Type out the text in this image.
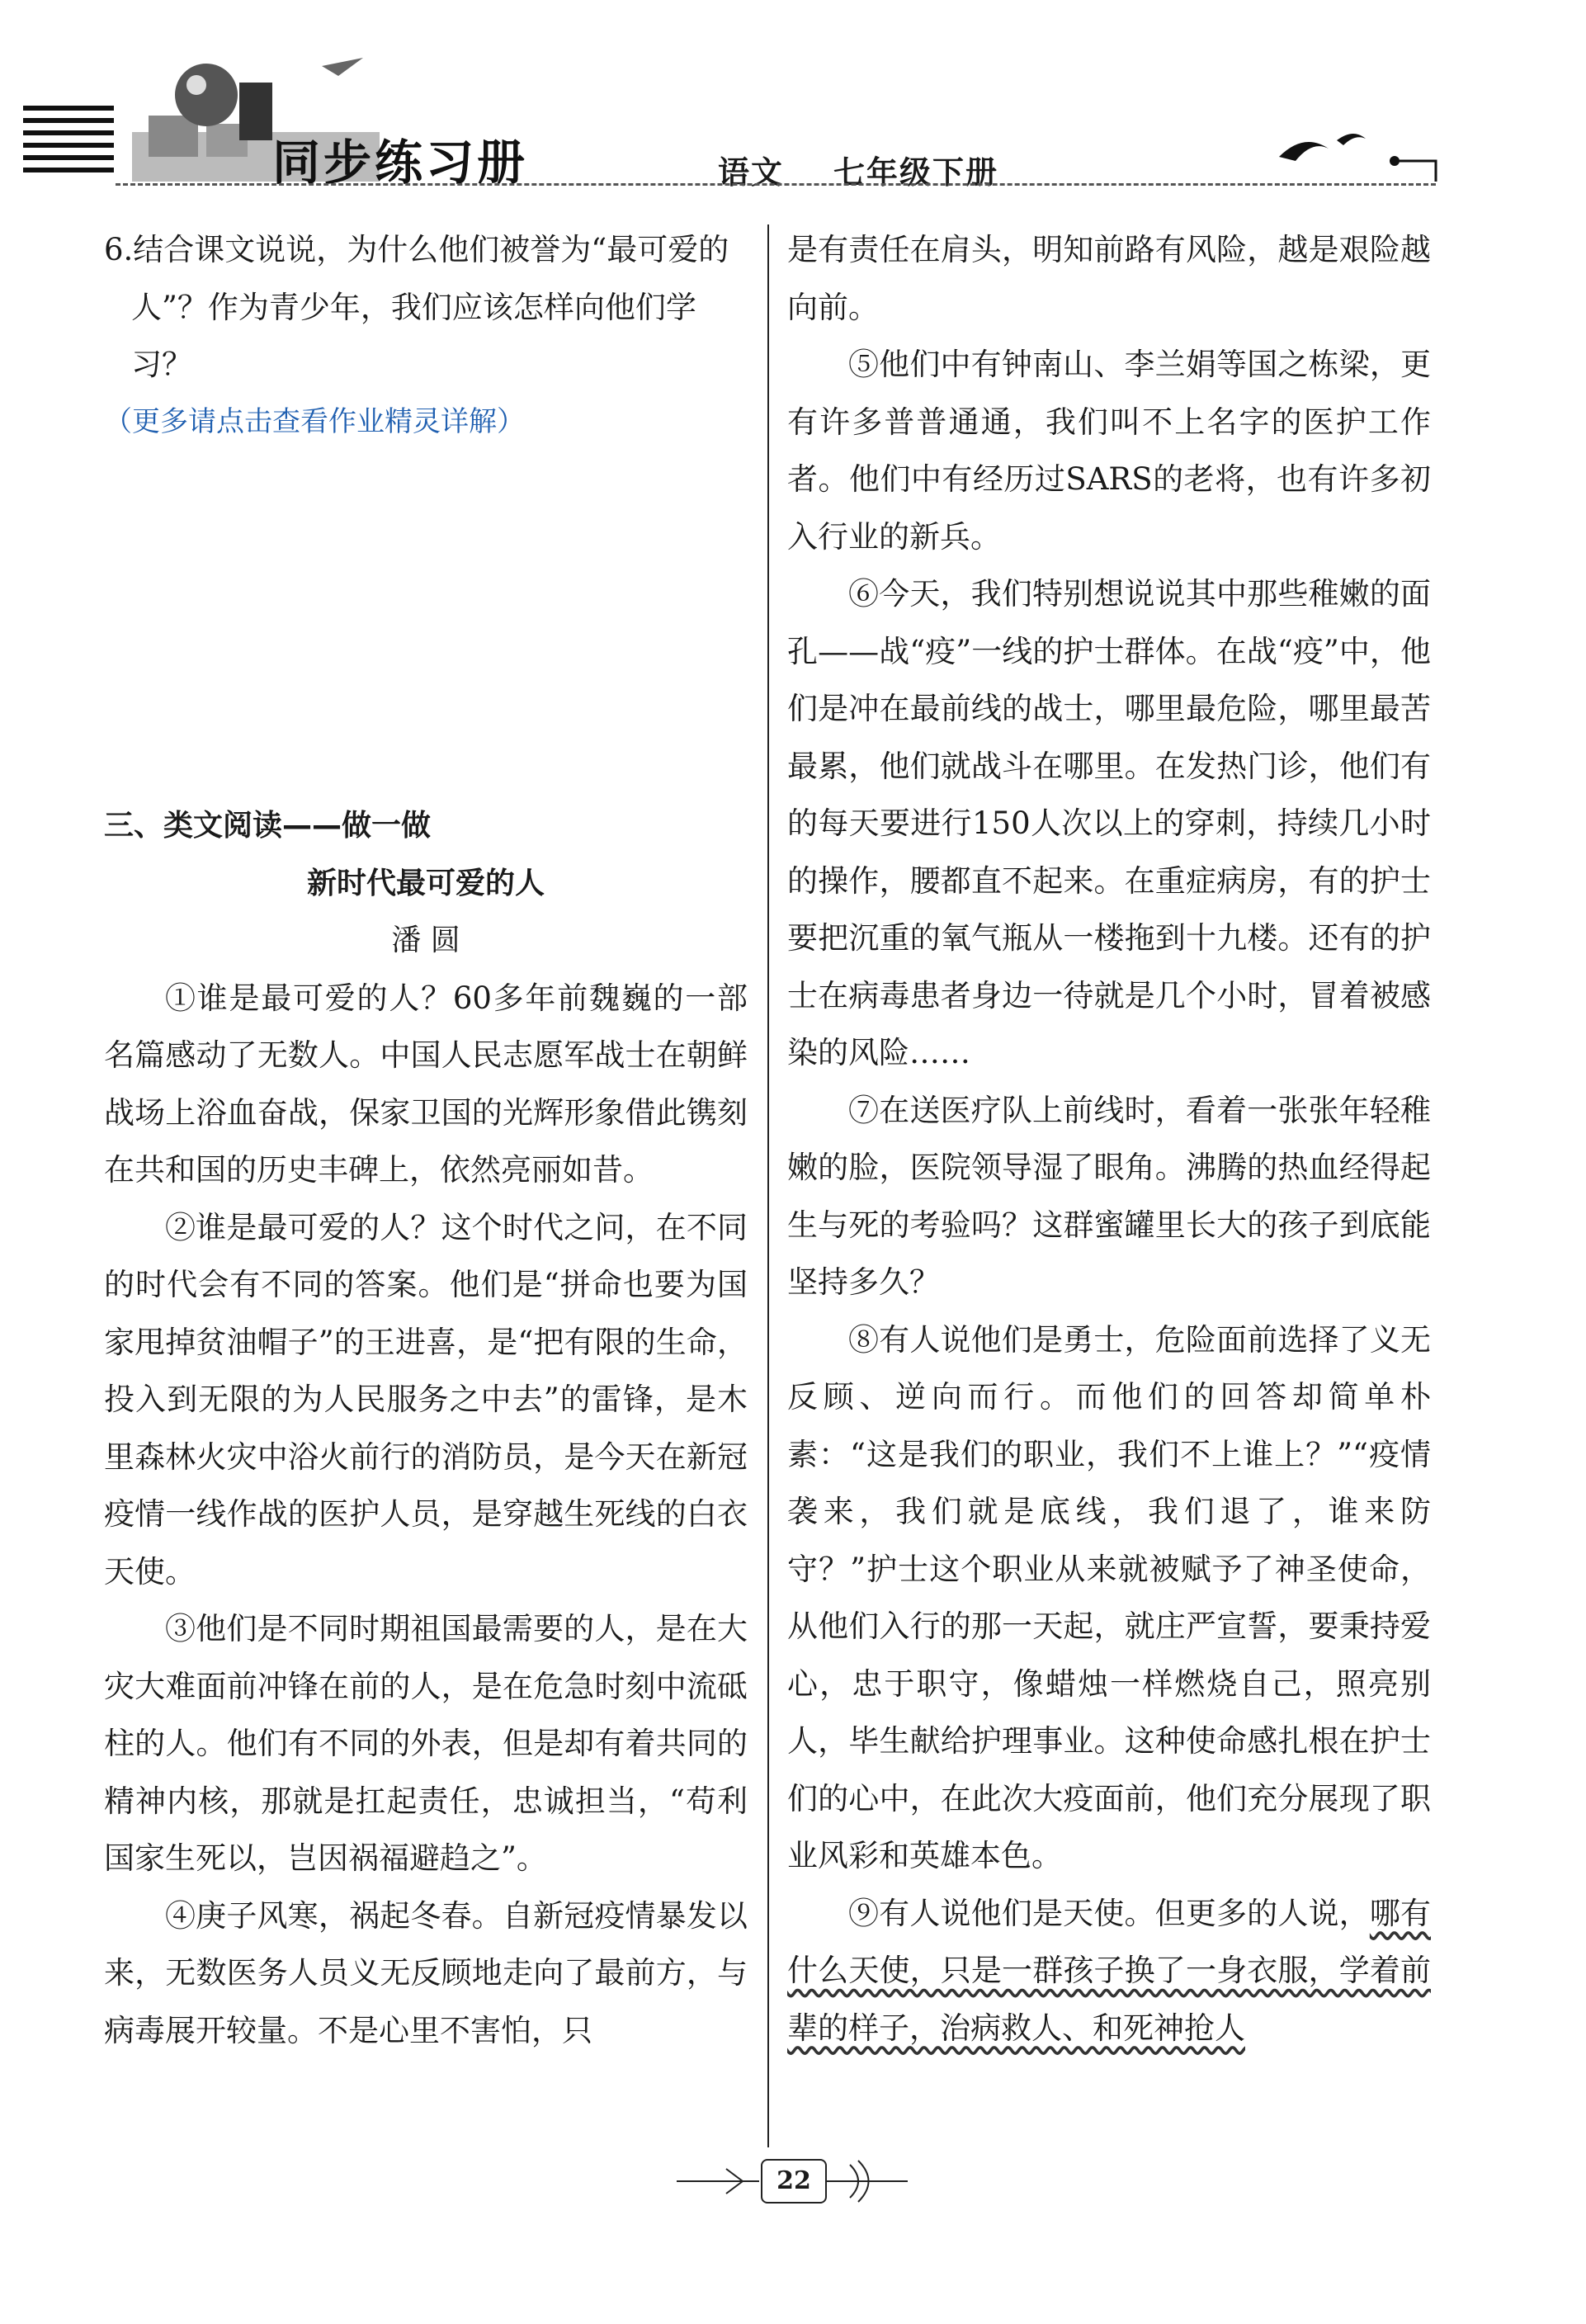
同步练习册	语文 七年级下册

6.结合课文说说，为什么他们被誉为“最可爱的人”？作为青少年，我们应该怎样向他们学习？

（更多请点击查看作业精灵详解）

三、类文阅读——做一做

新时代最可爱的人

潘 圆

①谁是最可爱的人？60多年前魏巍的一部名篇感动了无数人。中国人民志愿军战士在朝鲜战场上浴血奋战，保家卫国的光辉形象借此镌刻在共和国的历史丰碑上，依然亮丽如昔。

②谁是最可爱的人？这个时代之问，在不同的时代会有不同的答案。他们是“拼命也要为国家甩掉贫油帽子”的王进喜，是“把有限的生命，投入到无限的为人民服务之中去”的雷锋，是木里森林火灾中浴火前行的消防员，是今天在新冠疫情一线作战的医护人员，是穿越生死线的白衣天使。

③他们是不同时期祖国最需要的人，是在大灾大难面前冲锋在前的人，是在危急时刻中流砥柱的人。他们有不同的外表，但是却有着共同的精神内核，那就是扛起责任，忠诚担当，“苟利国家生死以，岂因祸福避趋之”。

④庚子风寒，祸起冬春。自新冠疫情暴发以来，无数医务人员义无反顾地走向了最前方，与病毒展开较量。不是心里不害怕，只

是有责任在肩头，明知前路有风险，越是艰险越向前。

⑤他们中有钟南山、李兰娟等国之栋梁，更有许多普普通通，我们叫不上名字的医护工作者。他们中有经历过SARS的老将，也有许多初入行业的新兵。

⑥今天，我们特别想说说其中那些稚嫩的面孔——战“疫”一线的护士群体。在战“疫”中，他们是冲在最前线的战士，哪里最危险，哪里最苦最累，他们就战斗在哪里。在发热门诊，他们有的每天要进行150人次以上的穿刺，持续几小时的操作，腰都直不起来。在重症病房，有的护士要把沉重的氧气瓶从一楼拖到十九楼。还有的护士在病毒患者身边一待就是几个小时，冒着被感染的风险……

⑦在送医疗队上前线时，看着一张张年轻稚嫩的脸，医院领导湿了眼角。沸腾的热血经得起生与死的考验吗？这群蜜罐里长大的孩子到底能坚持多久？

⑧有人说他们是勇士，危险面前选择了义无反顾、逆向而行。而他们的回答却简单朴素：“这是我们的职业，我们不上谁上？”“疫情袭来，我们就是底线，我们退了，谁来防守？”护士这个职业从来就被赋予了神圣使命，从他们入行的那一天起，就庄严宣誓，要秉持爱心，忠于职守，像蜡烛一样燃烧自己，照亮别人，毕生献给护理事业。这种使命感扎根在护士们的心中，在此次大疫面前，他们充分展现了职业风彩和英雄本色。

⑨有人说他们是天使。但更多的人说，哪有什么天使，只是一群孩子换了一身衣服，学着前辈的样子，治病救人、和死神抢人

22
